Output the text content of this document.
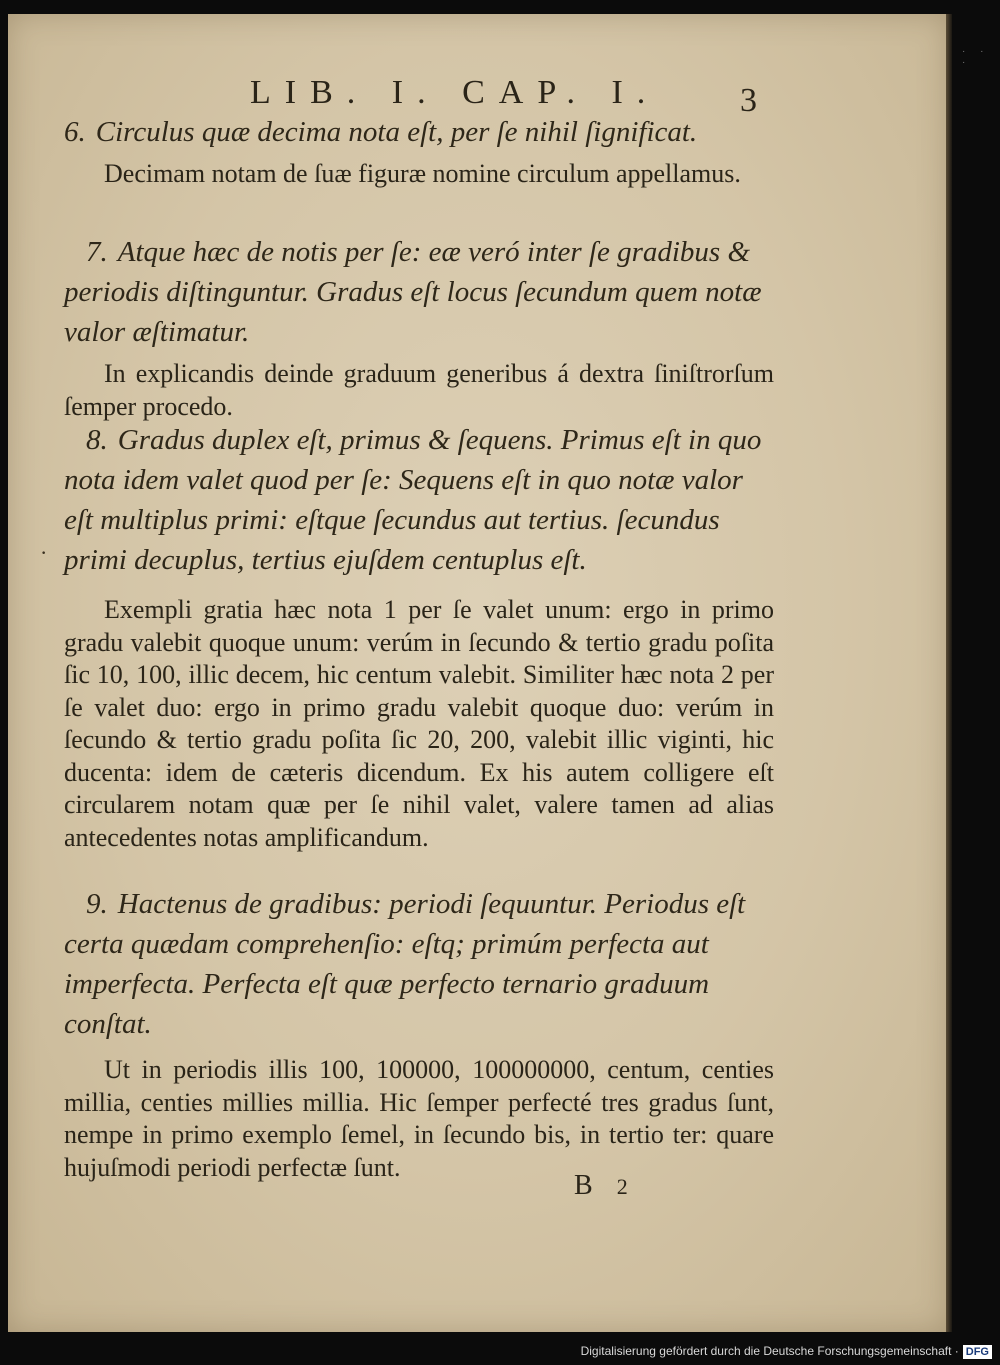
· · ·
LIB. I. CAP. I. 3
6. Circulus quæ decima nota eſt, per ſe nihil ſignificat.
Decimam notam de ſuæ figuræ nomine circulum appellamus.
7. Atque hæc de notis per ſe: eæ veró inter ſe gradibus & periodis diſtinguntur. Gradus eſt locus ſecundum quem notæ valor æſtimatur.
In explicandis deinde graduum generibus á dextra ſiniſtrorſum ſemper procedo.
8. Gradus duplex eſt, primus & ſequens. Primus eſt in quo nota idem valet quod per ſe: Sequens eſt in quo notæ valor eſt multiplus primi: eſtque ſecundus aut tertius. ſecundus primi decuplus, tertius ejuſdem centuplus eſt.
Exempli gratia hæc nota 1 per ſe valet unum: ergo in primo gradu valebit quoque unum: verúm in ſecundo & tertio gradu poſita ſic 10, 100, illic decem, hic centum valebit. Similiter hæc nota 2 per ſe valet duo: ergo in primo gradu valebit quoque duo: verúm in ſecundo & tertio gradu poſita ſic 20, 200, valebit illic viginti, hic ducenta: idem de cæteris dicendum. Ex his autem colligere eſt circularem notam quæ per ſe nihil valet, valere tamen ad alias antecedentes notas amplificandum.
9. Hactenus de gradibus: periodi ſequuntur. Periodus eſt certa quædam comprehenſio: eſtq; primúm perfecta aut imperfecta. Perfecta eſt quæ perfecto ternario graduum conſtat.
Ut in periodis illis 100, 100000, 100000000, centum, centies millia, centies millies millia. Hic ſemper perfecté tres gradus ſunt, nempe in primo exemplo ſemel, in ſecundo bis, in tertio ter: quare hujuſmodi periodi perfectæ ſunt.
·
B 2
Digitalisierung gefördert durch die Deutsche Forschungsgemeinschaft · DFG
